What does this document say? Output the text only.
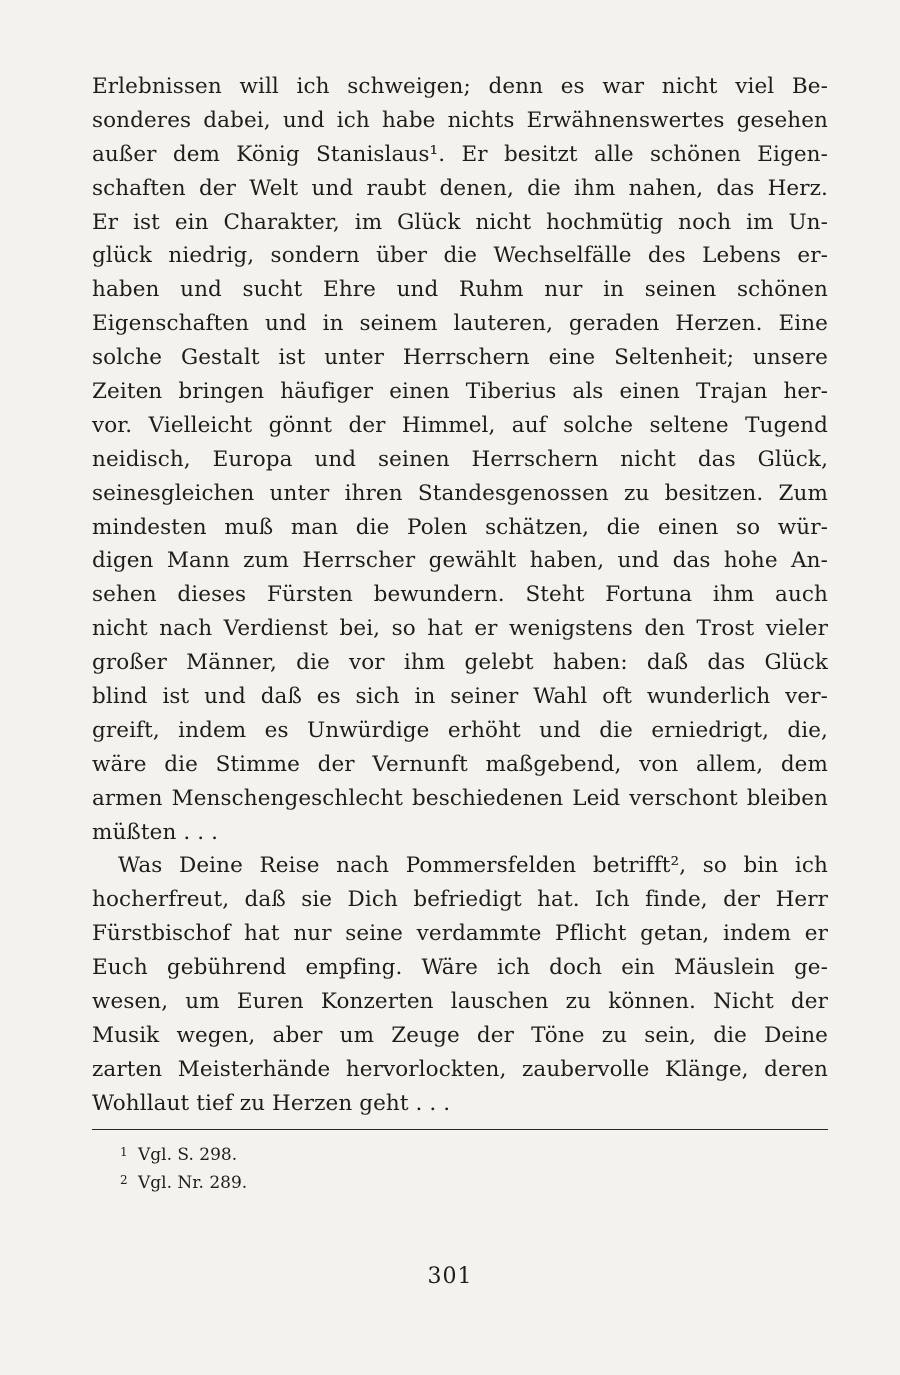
Erlebnissen will ich schweigen; denn es war nicht viel Be-
sonderes dabei, und ich habe nichts Erwähnenswertes gesehen
außer dem König Stanislaus¹. Er besitzt alle schönen Eigen-
schaften der Welt und raubt denen, die ihm nahen, das Herz.
Er ist ein Charakter, im Glück nicht hochmütig noch im Un-
glück niedrig, sondern über die Wechselfälle des Lebens er-
haben und sucht Ehre und Ruhm nur in seinen schönen
Eigenschaften und in seinem lauteren, geraden Herzen. Eine
solche Gestalt ist unter Herrschern eine Seltenheit; unsere
Zeiten bringen häufiger einen Tiberius als einen Trajan her-
vor. Vielleicht gönnt der Himmel, auf solche seltene Tugend
neidisch, Europa und seinen Herrschern nicht das Glück,
seinesgleichen unter ihren Standesgenossen zu besitzen. Zum
mindesten muß man die Polen schätzen, die einen so wür-
digen Mann zum Herrscher gewählt haben, und das hohe An-
sehen dieses Fürsten bewundern. Steht Fortuna ihm auch
nicht nach Verdienst bei, so hat er wenigstens den Trost vieler
großer Männer, die vor ihm gelebt haben: daß das Glück
blind ist und daß es sich in seiner Wahl oft wunderlich ver-
greift, indem es Unwürdige erhöht und die erniedrigt, die,
wäre die Stimme der Vernunft maßgebend, von allem, dem
armen Menschengeschlecht beschiedenen Leid verschont bleiben
müßten . . .
Was Deine Reise nach Pommersfelden betrifft², so bin ich
hocherfreut, daß sie Dich befriedigt hat. Ich finde, der Herr
Fürstbischof hat nur seine verdammte Pflicht getan, indem er
Euch gebührend empfing. Wäre ich doch ein Mäuslein ge-
wesen, um Euren Konzerten lauschen zu können. Nicht der
Musik wegen, aber um Zeuge der Töne zu sein, die Deine
zarten Meisterhände hervorlockten, zaubervolle Klänge, deren
Wohllaut tief zu Herzen geht . . .
1 Vgl. S. 298.
2 Vgl. Nr. 289.
301
